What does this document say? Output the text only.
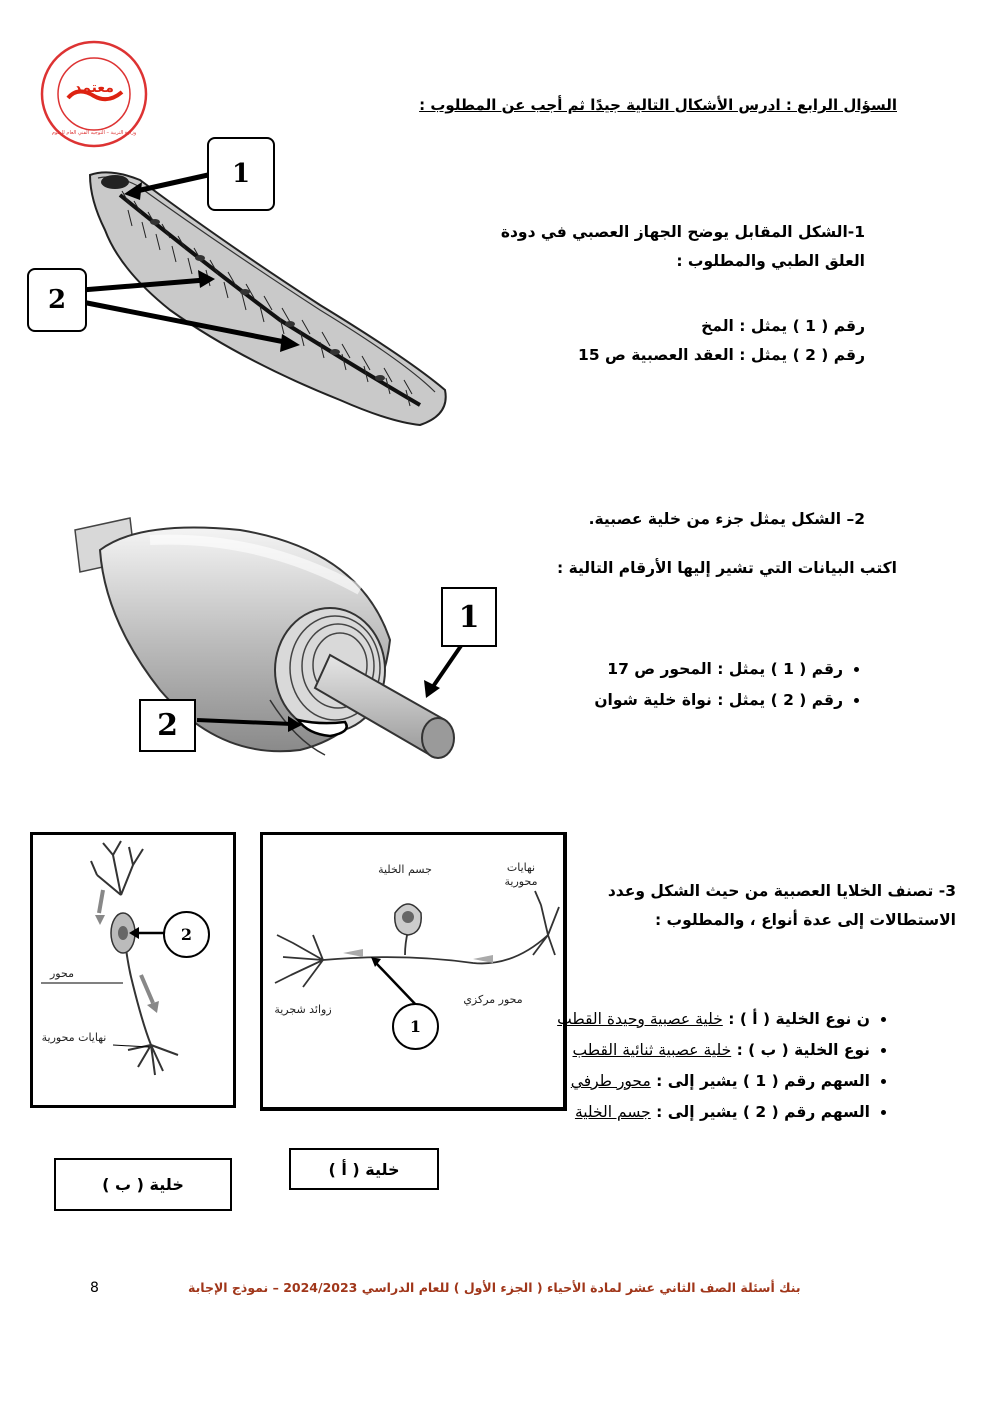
معتمد
وزارة التربية – التوجيه الفني العام للعلوم
السؤال الرابع : ادرس الأشكال التالية جيدًا ثم أجب عن المطلوب :
1
2
1-الشكل المقابل يوضح الجهاز العصبي في دودة
العلق الطبي والمطلوب :
رقم ( 1 ) يمثل : المخ
رقم ( 2 ) يمثل : العقد العصبية ص 15
1
2
2– الشكل يمثل جزء من خلية عصبية.
اكتب البيانات التي تشير إليها الأرقام التالية :
• رقم ( 1 ) يمثل : المحور ص 17
• رقم ( 2 ) يمثل : نواة خلية شوان
محور
نهايات محورية
2
جسم الخلية	نهايات محورية
زوائد شجرية
محور مركزي
1
خلية ( ب )
خلية ( أ )
3- تصنف الخلايا العصبية من حيث الشكل وعدد
الاستطالات إلى عدة أنواع ، والمطلوب :
• ن نوع الخلية ( أ ) : خلية عصبية وحيدة القطب
• نوع الخلية ( ب ) : خلية عصبية ثنائية القطب
• السهم رقم ( 1 ) يشير إلى : محور طرفي
• السهم رقم ( 2 ) يشير إلى : جسم الخلية
بنك أسئلة الصف الثاني عشر لمادة الأحياء ( الجزء الأول ) للعام الدراسي 2024/2023 – نموذج الإجابة
8
